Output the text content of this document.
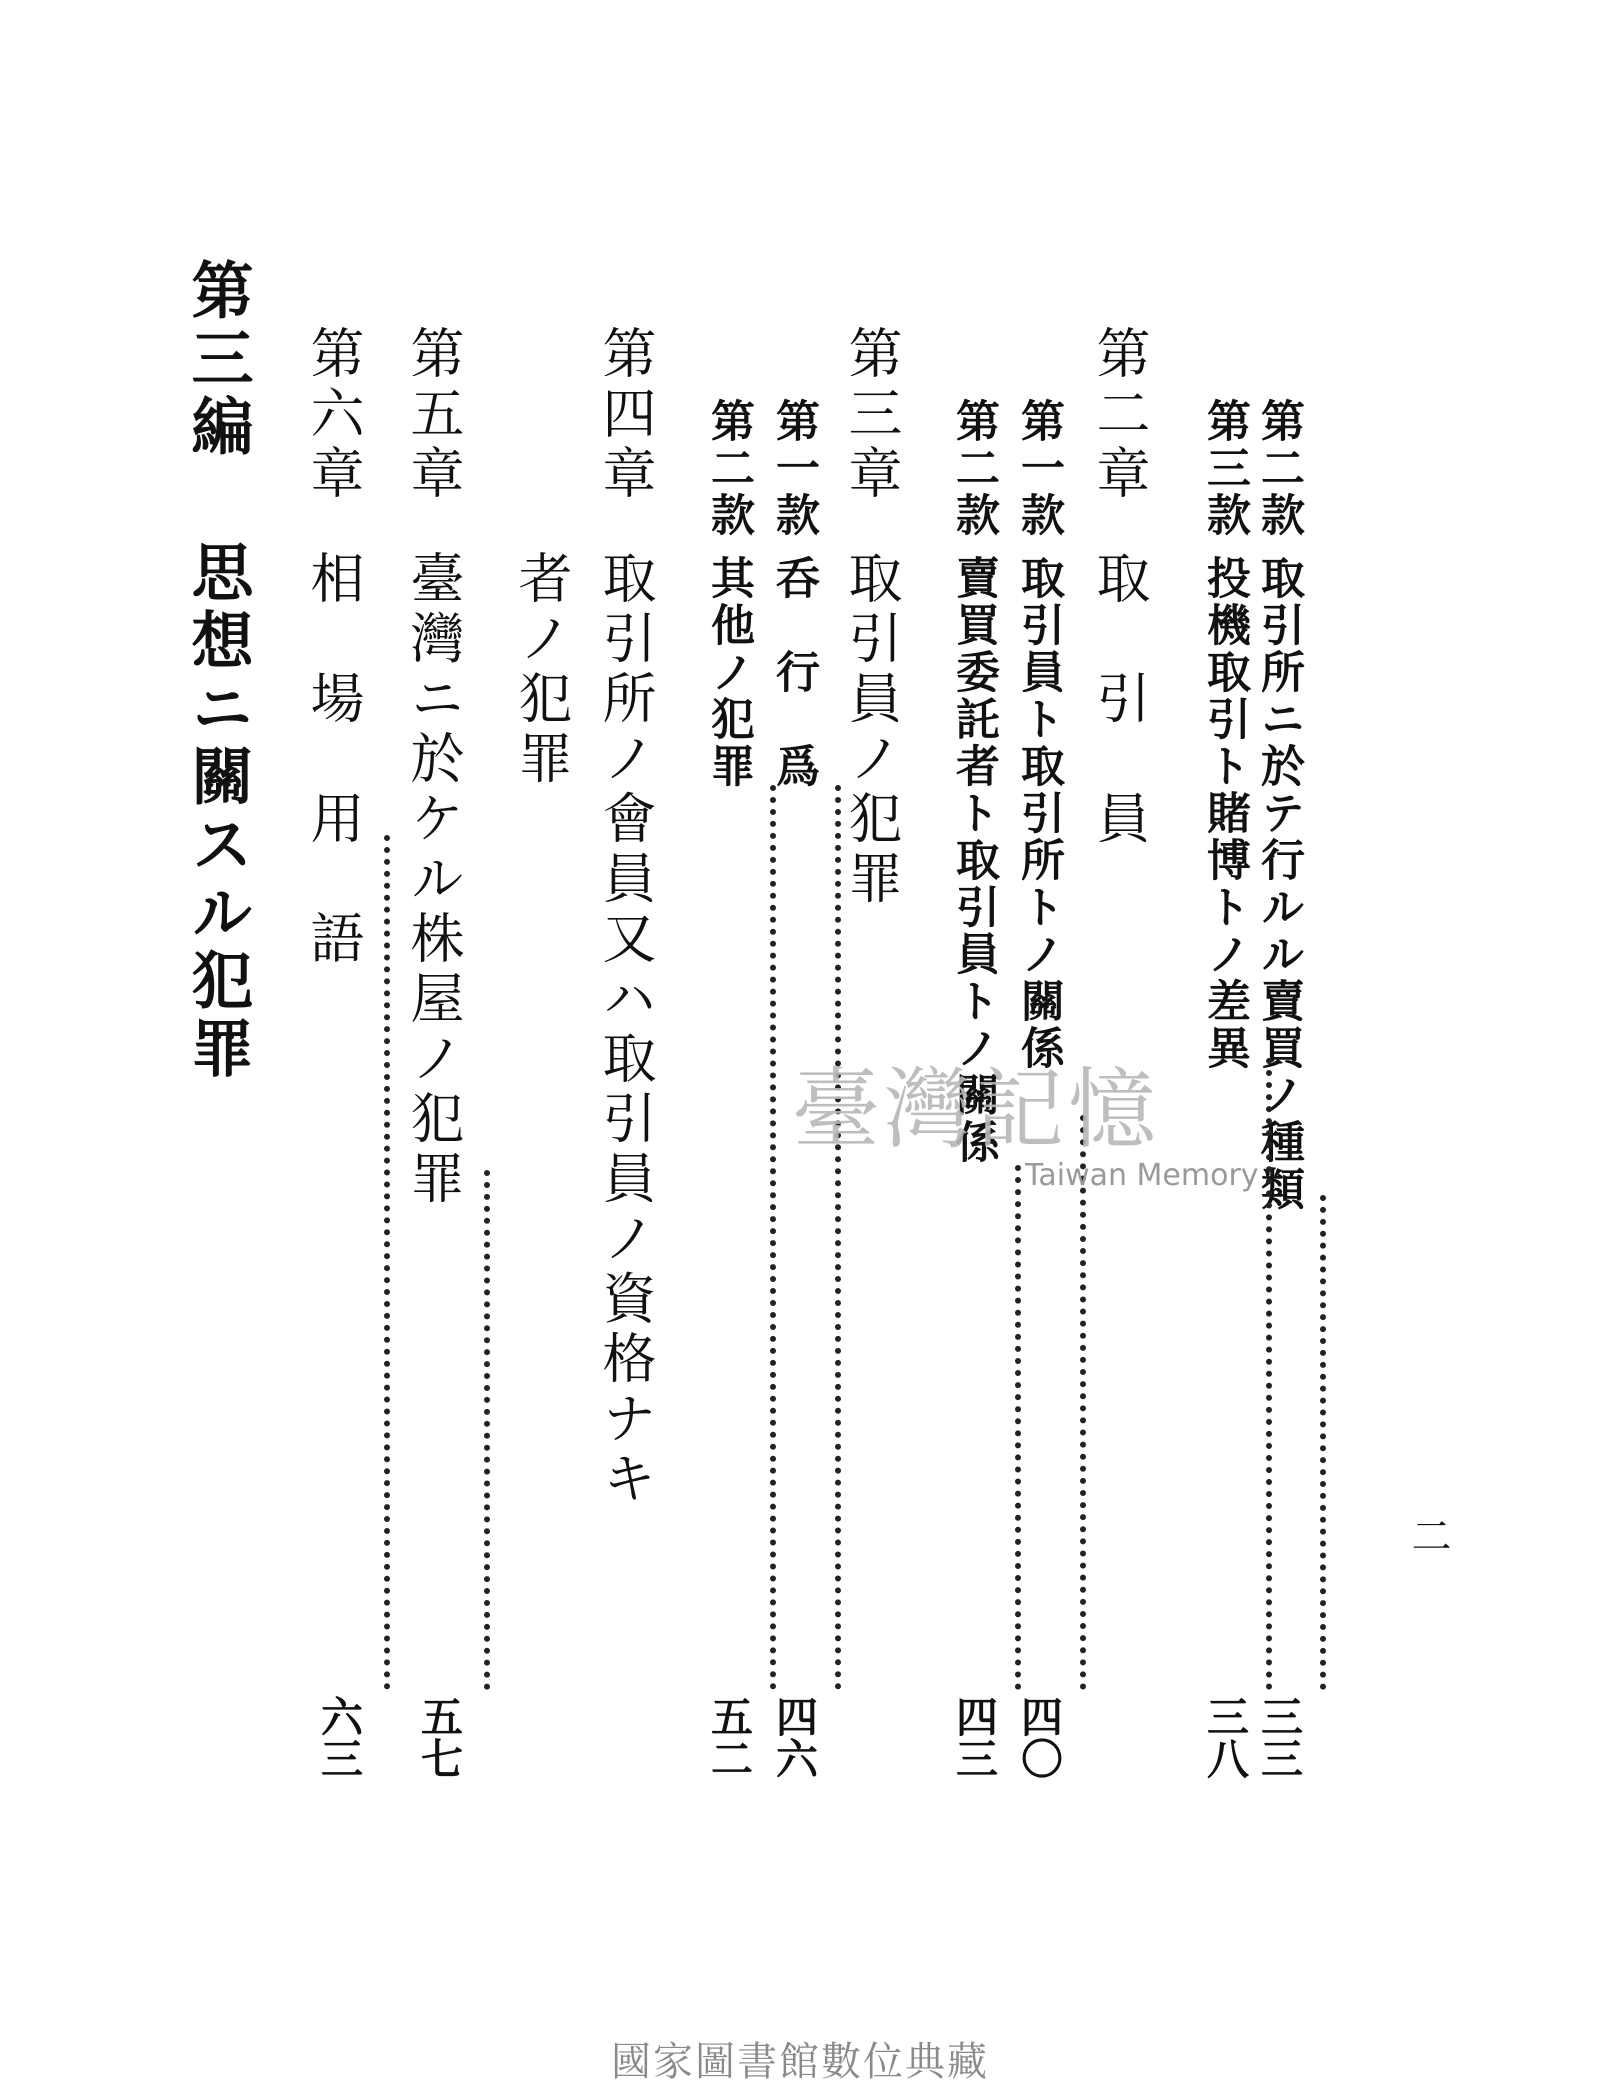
第二款
取引所ニ於テ行ルル賣買ノ種類
三三
第三款
投機取引ト賭博トノ差異
三八
第二章
取　引　員
第一款
取引員ト取引所トノ關係
四〇
第二款
賣買委託者ト取引員トノ關係
四三
第三章
取引員ノ犯罪
第一款
呑　行　爲
四六
第二款
其他ノ犯罪
五二
第四章
取引所ノ會員又ハ取引員ノ資格ナキ
者ノ犯罪
第五章
臺灣ニ於ケル株屋ノ犯罪
五七
第六章
相　場　用　語
六三
第三編
思想ニ關スル犯罪
二
臺灣記憶
Taiwan Memory
國家圖書館數位典藏
